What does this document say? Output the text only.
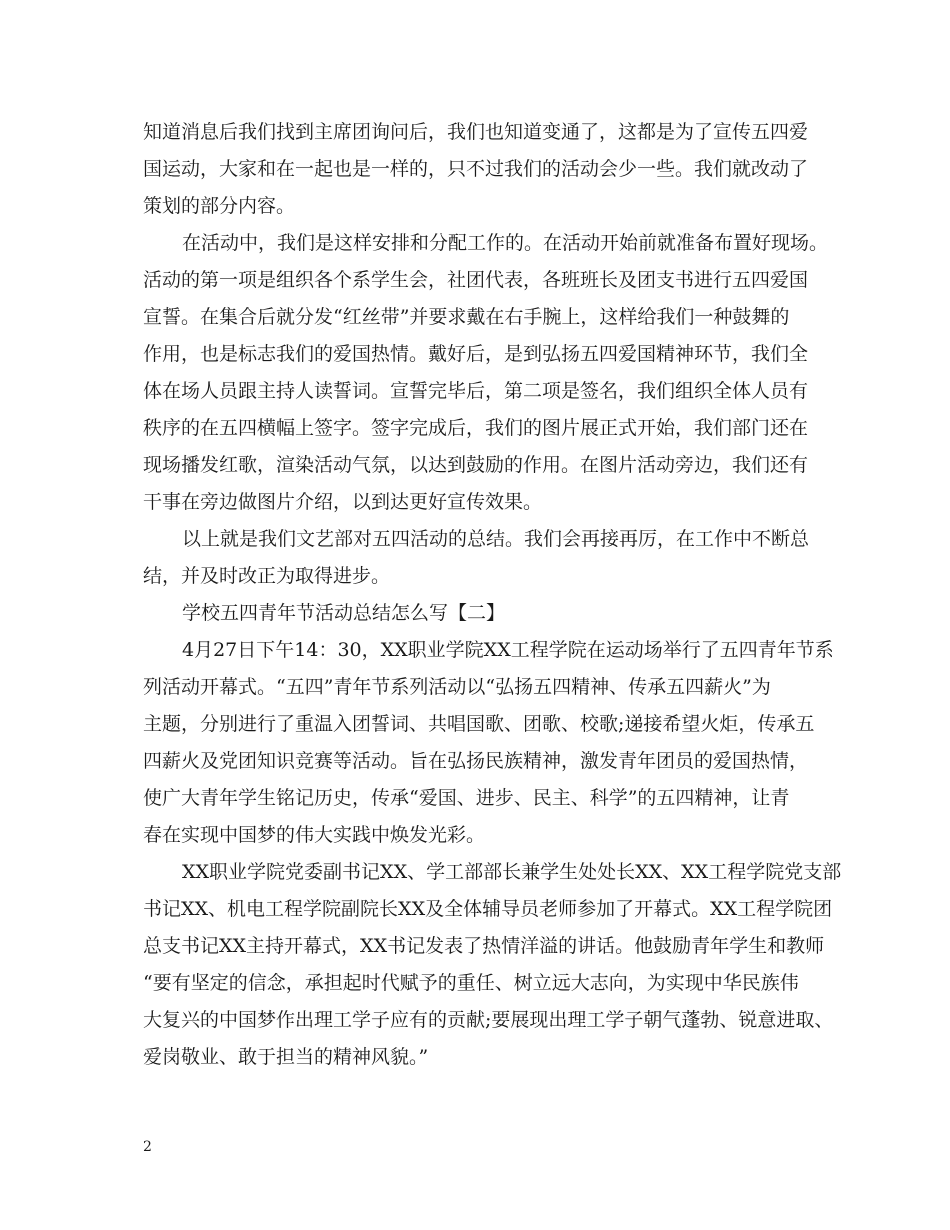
知道消息后我们找到主席团询问后，我们也知道变通了，这都是为了宣传五四爱
国运动，大家和在一起也是一样的，只不过我们的活动会少一些。我们就改动了
策划的部分内容。
在活动中，我们是这样安排和分配工作的。在活动开始前就准备布置好现场。
活动的第一项是组织各个系学生会，社团代表，各班班长及团支书进行五四爱国
宣誓。在集合后就分发“红丝带”并要求戴在右手腕上，这样给我们一种鼓舞的
作用，也是标志我们的爱国热情。戴好后，是到弘扬五四爱国精神环节，我们全
体在场人员跟主持人读誓词。宣誓完毕后，第二项是签名，我们组织全体人员有
秩序的在五四横幅上签字。签字完成后，我们的图片展正式开始，我们部门还在
现场播发红歌，渲染活动气氛，以达到鼓励的作用。在图片活动旁边，我们还有
干事在旁边做图片介绍，以到达更好宣传效果。
以上就是我们文艺部对五四活动的总结。我们会再接再厉，在工作中不断总
结，并及时改正为取得进步。
学校五四青年节活动总结怎么写【二】
4月27日下午14：30，XX职业学院XX工程学院在运动场举行了五四青年节系
列活动开幕式。“五四”青年节系列活动以“弘扬五四精神、传承五四薪火”为
主题，分别进行了重温入团誓词、共唱国歌、团歌、校歌;递接希望火炬，传承五
四薪火及党团知识竞赛等活动。旨在弘扬民族精神，激发青年团员的爱国热情，
使广大青年学生铭记历史，传承“爱国、进步、民主、科学”的五四精神，让青
春在实现中国梦的伟大实践中焕发光彩。
XX职业学院党委副书记XX、学工部部长兼学生处处长XX、XX工程学院党支部
书记XX、机电工程学院副院长XX及全体辅导员老师参加了开幕式。XX工程学院团
总支书记XX主持开幕式，XX书记发表了热情洋溢的讲话。他鼓励青年学生和教师
“要有坚定的信念，承担起时代赋予的重任、树立远大志向，为实现中华民族伟
大复兴的中国梦作出理工学子应有的贡献;要展现出理工学子朝气蓬勃、锐意进取、
爱岗敬业、敢于担当的精神风貌。”
2
